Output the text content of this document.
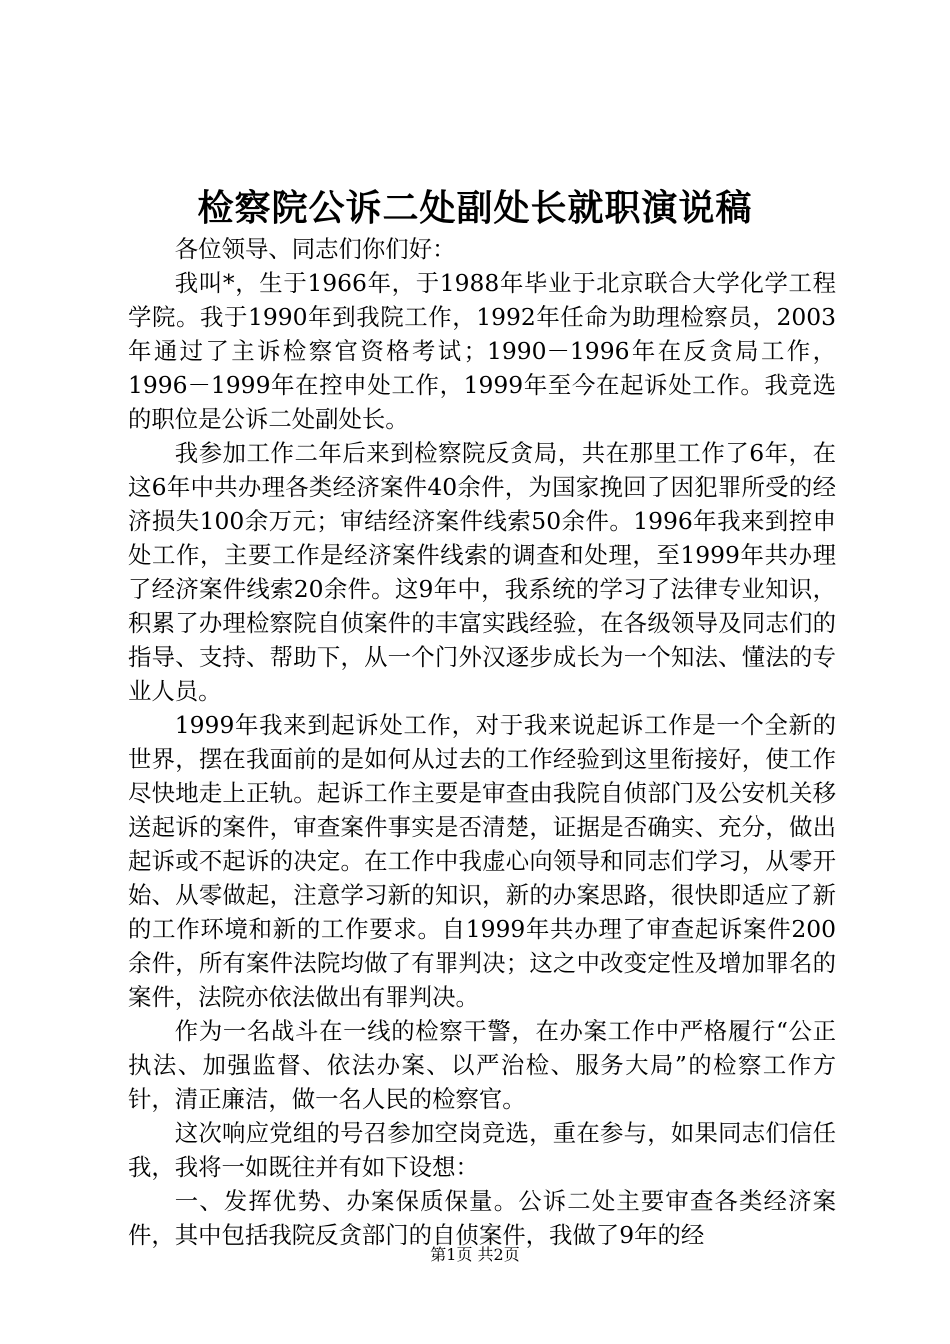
检察院公诉二处副处长就职演说稿

各位领导、同志们你们好：

我叫*，生于1966年，于1988年毕业于北京联合大学化学工程学院。我于1990年到我院工作，1992年任命为助理检察员，2003年通过了主诉检察官资格考试；1990－1996年在反贪局工作，1996－1999年在控申处工作，1999年至今在起诉处工作。我竞选的职位是公诉二处副处长。

我参加工作二年后来到检察院反贪局，共在那里工作了6年，在这6年中共办理各类经济案件40余件，为国家挽回了因犯罪所受的经济损失100余万元；审结经济案件线索50余件。1996年我来到控申处工作，主要工作是经济案件线索的调查和处理，至1999年共办理了经济案件线索20余件。这9年中，我系统的学习了法律专业知识，积累了办理检察院自侦案件的丰富实践经验，在各级领导及同志们的指导、支持、帮助下，从一个门外汉逐步成长为一个知法、懂法的专业人员。

1999年我来到起诉处工作，对于我来说起诉工作是一个全新的世界，摆在我面前的是如何从过去的工作经验到这里衔接好，使工作尽快地走上正轨。起诉工作主要是审查由我院自侦部门及公安机关移送起诉的案件，审查案件事实是否清楚，证据是否确实、充分，做出起诉或不起诉的决定。在工作中我虚心向领导和同志们学习，从零开始、从零做起，注意学习新的知识，新的办案思路，很快即适应了新的工作环境和新的工作要求。自1999年共办理了审查起诉案件200余件，所有案件法院均做了有罪判决；这之中改变定性及增加罪名的案件，法院亦依法做出有罪判决。

作为一名战斗在一线的检察干警，在办案工作中严格履行“公正执法、加强监督、依法办案、以严治检、服务大局”的检察工作方针，清正廉洁，做一名人民的检察官。

这次响应党组的号召参加空岗竞选，重在参与，如果同志们信任我，我将一如既往并有如下设想：

一、发挥优势、办案保质保量。公诉二处主要审查各类经济案件，其中包括我院反贪部门的自侦案件，我做了9年的经

第1页 共2页
